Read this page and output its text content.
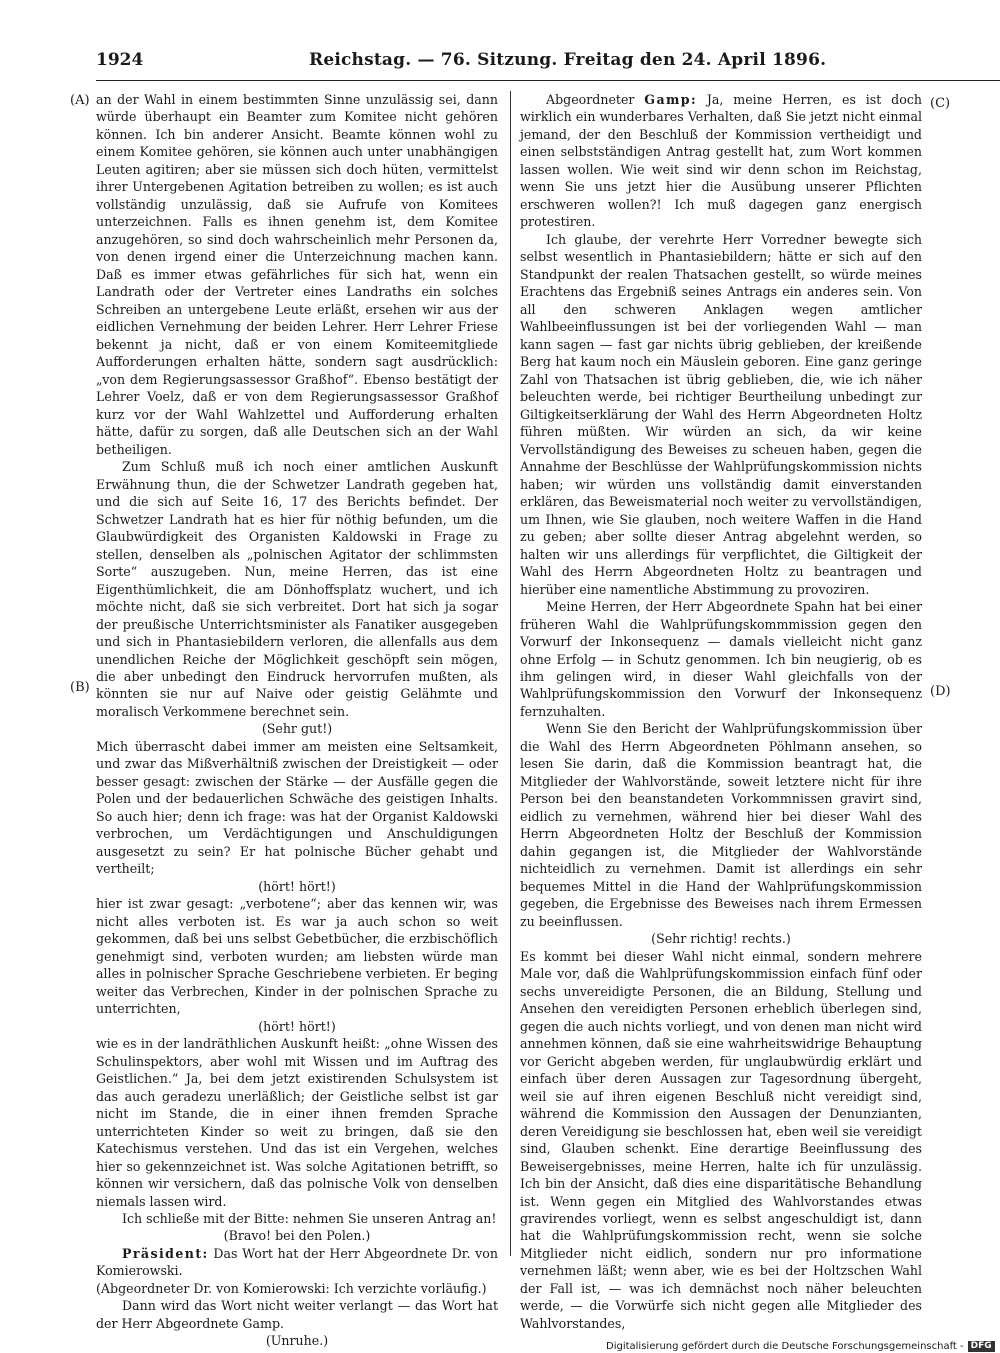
1924	Reichstag. — 76. Sitzung. Freitag den 24. April 1896.
(A)
(B)
(C)
(D)

an der Wahl in einem bestimmten Sinne unzulässig sei, dann würde überhaupt ein Beamter zum Komitee nicht gehören können. Ich bin anderer Ansicht. Beamte können wohl zu einem Komitee gehören, sie können auch unter unabhängigen Leuten agitiren; aber sie müssen sich doch hüten, vermittelst ihrer Untergebenen Agitation betreiben zu wollen; es ist auch vollständig unzulässig, daß sie Aufrufe von Komitees unterzeichnen. Falls es ihnen genehm ist, dem Komitee anzugehören, so sind doch wahrscheinlich mehr Personen da, von denen irgend einer die Unterzeichnung machen kann. Daß es immer etwas gefährliches für sich hat, wenn ein Landrath oder der Vertreter eines Landraths ein solches Schreiben an untergebene Leute erläßt, ersehen wir aus der eidlichen Vernehmung der beiden Lehrer. Herr Lehrer Friese bekennt ja nicht, daß er von einem Komiteemitgliede Aufforderungen erhalten hätte, sondern sagt ausdrücklich: „von dem Regierungsassessor Graßhof“. Ebenso bestätigt der Lehrer Voelz, daß er von dem Regierungsassessor Graßhof kurz vor der Wahl Wahlzettel und Aufforderung erhalten hätte, dafür zu sorgen, daß alle Deutschen sich an der Wahl betheiligen.

Zum Schluß muß ich noch einer amtlichen Auskunft Erwähnung thun, die der Schwetzer Landrath gegeben hat, und die sich auf Seite 16, 17 des Berichts befindet. Der Schwetzer Landrath hat es hier für nöthig befunden, um die Glaubwürdigkeit des Organisten Kaldowski in Frage zu stellen, denselben als „polnischen Agitator der schlimmsten Sorte“ auszugeben. Nun, meine Herren, das ist eine Eigenthümlichkeit, die am Dönhoffsplatz wuchert, und ich möchte nicht, daß sie sich verbreitet. Dort hat sich ja sogar der preußische Unterrichtsminister als Fanatiker ausgegeben und sich in Phantasiebildern verloren, die allenfalls aus dem unendlichen Reiche der Möglichkeit geschöpft sein mögen, die aber unbedingt den Eindruck hervorrufen mußten, als könnten sie nur auf Naive oder geistig Gelähmte und moralisch Verkommene berechnet sein.

(Sehr gut!)

Mich überrascht dabei immer am meisten eine Seltsamkeit, und zwar das Mißverhältniß zwischen der Dreistigkeit — oder besser gesagt: zwischen der Stärke — der Ausfälle gegen die Polen und der bedauerlichen Schwäche des geistigen Inhalts. So auch hier; denn ich frage: was hat der Organist Kaldowski verbrochen, um Verdächtigungen und Anschuldigungen ausgesetzt zu sein? Er hat polnische Bücher gehabt und vertheilt;

(hört! hört!)

hier ist zwar gesagt: „verbotene“; aber das kennen wir, was nicht alles verboten ist. Es war ja auch schon so weit gekommen, daß bei uns selbst Gebetbücher, die erzbischöflich genehmigt sind, verboten wurden; am liebsten würde man alles in polnischer Sprache Geschriebene verbieten. Er beging weiter das Verbrechen, Kinder in der polnischen Sprache zu unterrichten,

(hört! hört!)

wie es in der landräthlichen Auskunft heißt: „ohne Wissen des Schulinspektors, aber wohl mit Wissen und im Auftrag des Geistlichen.“ Ja, bei dem jetzt existirenden Schulsystem ist das auch geradezu unerläßlich; der Geistliche selbst ist gar nicht im Stande, die in einer ihnen fremden Sprache unterrichteten Kinder so weit zu bringen, daß sie den Katechismus verstehen. Und das ist ein Vergehen, welches hier so gekennzeichnet ist. Was solche Agitationen betrifft, so können wir versichern, daß das polnische Volk von denselben niemals lassen wird.

Ich schließe mit der Bitte: nehmen Sie unseren Antrag an!

(Bravo! bei den Polen.)

Präsident: Das Wort hat der Herr Abgeordnete Dr. von Komierowski.

(Abgeordneter Dr. von Komierowski: Ich verzichte vorläufig.)

Dann wird das Wort nicht weiter verlangt — das Wort hat der Herr Abgeordnete Gamp.

(Unruhe.)

Abgeordneter Gamp: Ja, meine Herren, es ist doch wirklich ein wunderbares Verhalten, daß Sie jetzt nicht einmal jemand, der den Beschluß der Kommission vertheidigt und einen selbstständigen Antrag gestellt hat, zum Wort kommen lassen wollen. Wie weit sind wir denn schon im Reichstag, wenn Sie uns jetzt hier die Ausübung unserer Pflichten erschweren wollen?! Ich muß dagegen ganz energisch protestiren.

Ich glaube, der verehrte Herr Vorredner bewegte sich selbst wesentlich in Phantasiebildern; hätte er sich auf den Standpunkt der realen Thatsachen gestellt, so würde meines Erachtens das Ergebniß seines Antrags ein anderes sein. Von all den schweren Anklagen wegen amtlicher Wahlbeeinflussungen ist bei der vorliegenden Wahl — man kann sagen — fast gar nichts übrig geblieben, der kreißende Berg hat kaum noch ein Mäuslein geboren. Eine ganz geringe Zahl von Thatsachen ist übrig geblieben, die, wie ich näher beleuchten werde, bei richtiger Beurtheilung unbedingt zur Giltigkeitserklärung der Wahl des Herrn Abgeordneten Holtz führen müßten. Wir würden an sich, da wir keine Vervollständigung des Beweises zu scheuen haben, gegen die Annahme der Beschlüsse der Wahlprüfungskommission nichts haben; wir würden uns vollständig damit einverstanden erklären, das Beweismaterial noch weiter zu vervollständigen, um Ihnen, wie Sie glauben, noch weitere Waffen in die Hand zu geben; aber sollte dieser Antrag abgelehnt werden, so halten wir uns allerdings für verpflichtet, die Giltigkeit der Wahl des Herrn Abgeordneten Holtz zu beantragen und hierüber eine namentliche Abstimmung zu provoziren.

Meine Herren, der Herr Abgeordnete Spahn hat bei einer früheren Wahl die Wahlprüfungskommmission gegen den Vorwurf der Inkonsequenz — damals vielleicht nicht ganz ohne Erfolg — in Schutz genommen. Ich bin neugierig, ob es ihm gelingen wird, in dieser Wahl gleichfalls von der Wahlprüfungskommission den Vorwurf der Inkonsequenz fernzuhalten.

Wenn Sie den Bericht der Wahlprüfungskommission über die Wahl des Herrn Abgeordneten Pöhlmann ansehen, so lesen Sie darin, daß die Kommission beantragt hat, die Mitglieder der Wahlvorstände, soweit letztere nicht für ihre Person bei den beanstandeten Vorkommnissen gravirt sind, eidlich zu vernehmen, während hier bei dieser Wahl des Herrn Abgeordneten Holtz der Beschluß der Kommission dahin gegangen ist, die Mitglieder der Wahlvorstände nichteidlich zu vernehmen. Damit ist allerdings ein sehr bequemes Mittel in die Hand der Wahlprüfungskommission gegeben, die Ergebnisse des Beweises nach ihrem Ermessen zu beeinflussen.

(Sehr richtig! rechts.)

Es kommt bei dieser Wahl nicht einmal, sondern mehrere Male vor, daß die Wahlprüfungskommission einfach fünf oder sechs unvereidigte Personen, die an Bildung, Stellung und Ansehen den vereidigten Personen erheblich überlegen sind, gegen die auch nichts vorliegt, und von denen man nicht wird annehmen können, daß sie eine wahrheitswidrige Behauptung vor Gericht abgeben werden, für unglaubwürdig erklärt und einfach über deren Aussagen zur Tagesordnung übergeht, weil sie auf ihren eigenen Beschluß nicht vereidigt sind, während die Kommission den Aussagen der Denunzianten, deren Vereidigung sie beschlossen hat, eben weil sie vereidigt sind, Glauben schenkt. Eine derartige Beeinflussung des Beweisergebnisses, meine Herren, halte ich für unzulässig. Ich bin der Ansicht, daß dies eine disparitätische Behandlung ist. Wenn gegen ein Mitglied des Wahlvorstandes etwas gravirendes vorliegt, wenn es selbst angeschuldigt ist, dann hat die Wahlprüfungskommission recht, wenn sie solche Mitglieder nicht eidlich, sondern nur pro informatione vernehmen läßt; wenn aber, wie es bei der Holtzschen Wahl der Fall ist, — was ich demnächst noch näher beleuchten werde, — die Vorwürfe sich nicht gegen alle Mitglieder des Wahlvorstandes,

Digitalisierung gefördert durch die Deutsche Forschungsgemeinschaft - DFG
